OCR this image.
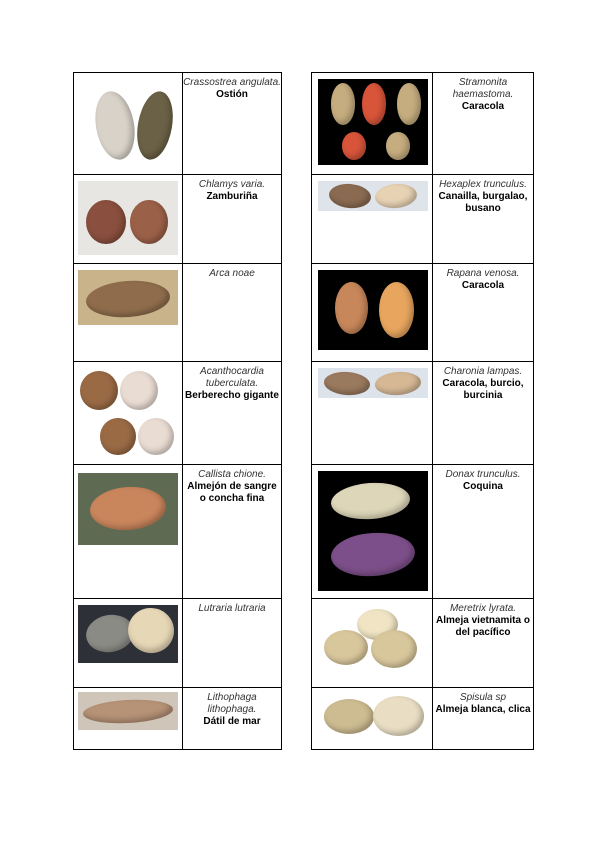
	Crassostrea angulata.
Ostión

	Chlamys varia.
Zamburiña

	Arca noae

	Acanthocardia tuberculata.
Berberecho gigante

	Callista chione.
Almejón de sangre o concha fina

	Lutraria lutraria

	Lithophaga lithophaga.
Dátil de mar

	Stramonita haemastoma.
Caracola

	Hexaplex trunculus.
Canailla, burgalao, busano

	Rapana venosa.
Caracola

	Charonia lampas.
Caracola, burcio, burcinia

	Donax trunculus.
Coquina

	Meretrix lyrata.
Almeja vietnamita o del pacífico

	Spisula sp
Almeja blanca, clica
